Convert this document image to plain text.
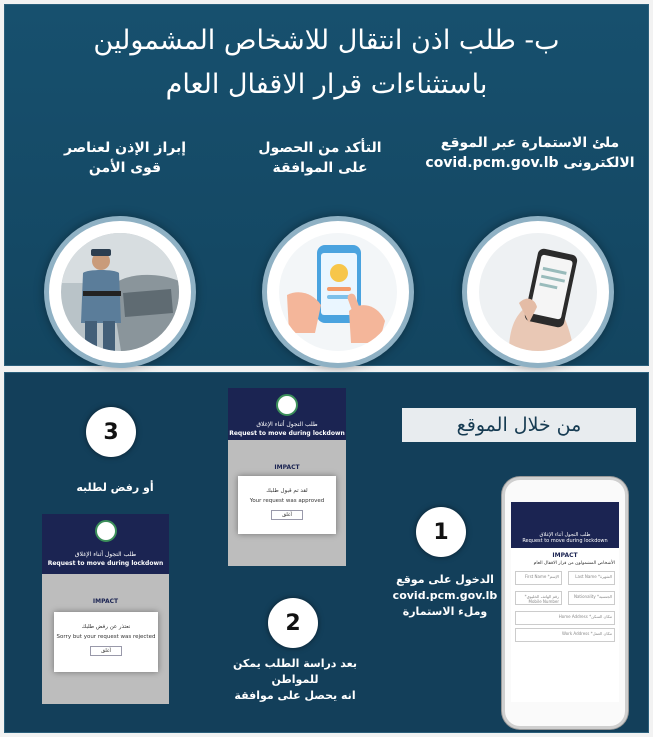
ب- طلب اذن انتقال للاشخاص المشمولين
باستثناءات قرار الاقفال العام
ملئ الاستمارة عبر الموقع
الالكترونى covid.pcm.gov.lb
التأكد من الحصول
على الموافقة
إبراز الإذن لعناصر
قوى الأمن
من خلال الموقع
3
أو رفض لطلبه
1
الدخول على موقع
covid.pcm.gov.lb
وملء الاستمارة
2
بعد دراسة الطلب يمكن للمواطن
انه يحصل على موافقة
طلب التجول أثناء الإغلاق
Request to move during lockdown
IMPACT
لقد تم قبول طلبك
Your request was approved
أغلق
طلب التجول أثناء الإغلاق
Request to move during lockdown
IMPACT
نعتذر عن رفض طلبك
Sorry but your request was rejected
أغلق
طلب التجول أثناء الإغلاق
Request to move during lockdown
IMPACT
الأشخاص المشمولون من قرار الاقفال العام
الإسم* First Name	الشهرة* Last Name
رقم الهاتف الخليوي* Mobile Number
الجنسية* Nationality
مكان السكن* Home Address
مكان العمل* Work Address
